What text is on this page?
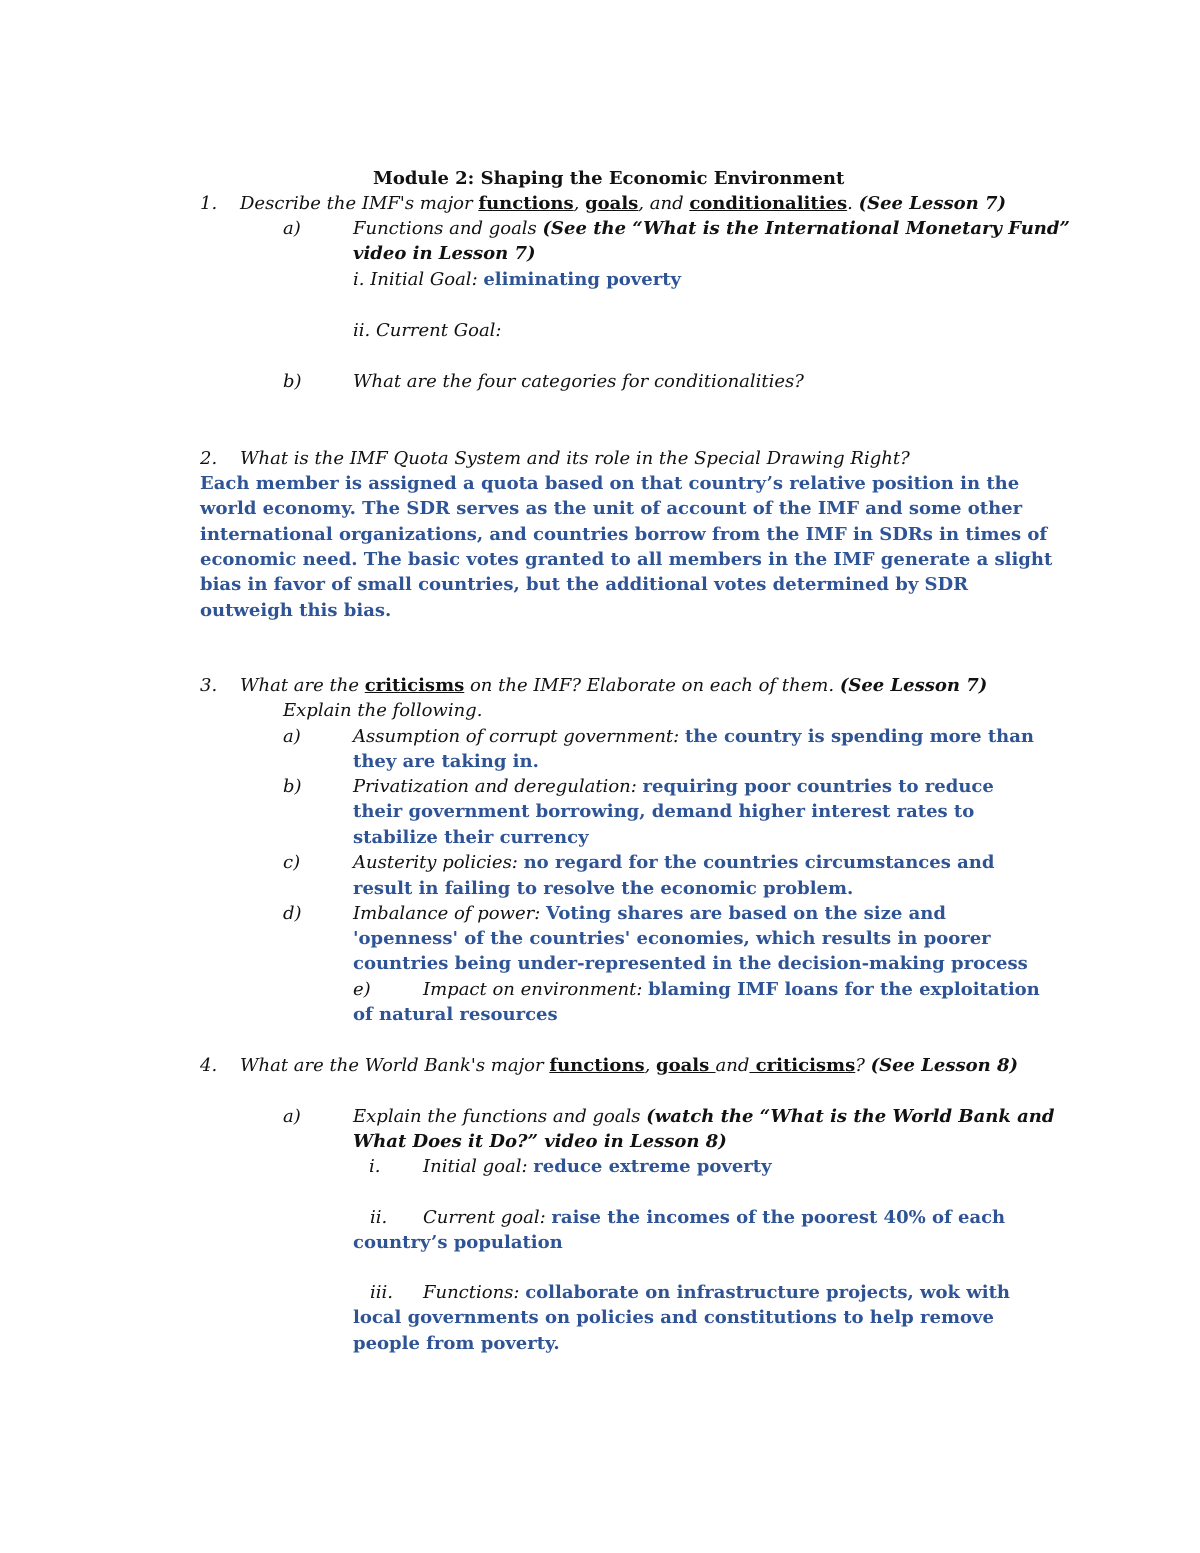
Module 2: Shaping the Economic Environment
1. Describe the IMF's major functions, goals, and conditionalities. (See Lesson 7)
a)	Functions and goals (See the “What is the International Monetary Fund”
video in Lesson 7)
i. Initial Goal: eliminating poverty
ii. Current Goal:
b)	What are the four categories for conditionalities?
2. What is the IMF Quota System and its role in the Special Drawing Right?
Each member is assigned a quota based on that country’s relative position in the
world economy. The SDR serves as the unit of account of the IMF and some other
international organizations, and countries borrow from the IMF in SDRs in times of
economic need. The basic votes granted to all members in the IMF generate a slight
bias in favor of small countries, but the additional votes determined by SDR
outweigh this bias.
3. What are the criticisms on the IMF? Elaborate on each of them. (See Lesson 7)
Explain the following.
a)	Assumption of corrupt government: the country is spending more than
they are taking in.
b)	Privatization and deregulation: requiring poor countries to reduce
their government borrowing, demand higher interest rates to
stabilize their currency
c)	Austerity policies: no regard for the countries circumstances and
result in failing to resolve the economic problem.
d)	Imbalance of power: Voting shares are based on the size and
'openness' of the countries' economies, which results in poorer
countries being under-represented in the decision-making process
e)	Impact on environment: blaming IMF loans for the exploitation
of natural resources
4. What are the World Bank's major functions, goals and criticisms? (See Lesson 8)
a)	Explain the functions and goals (watch the “What is the World Bank and
What Does it Do?” video in Lesson 8)
i. Initial goal: reduce extreme poverty
ii. Current goal: raise the incomes of the poorest 40% of each
country’s population
iii. Functions: collaborate on infrastructure projects, wok with
local governments on policies and constitutions to help remove
people from poverty.
